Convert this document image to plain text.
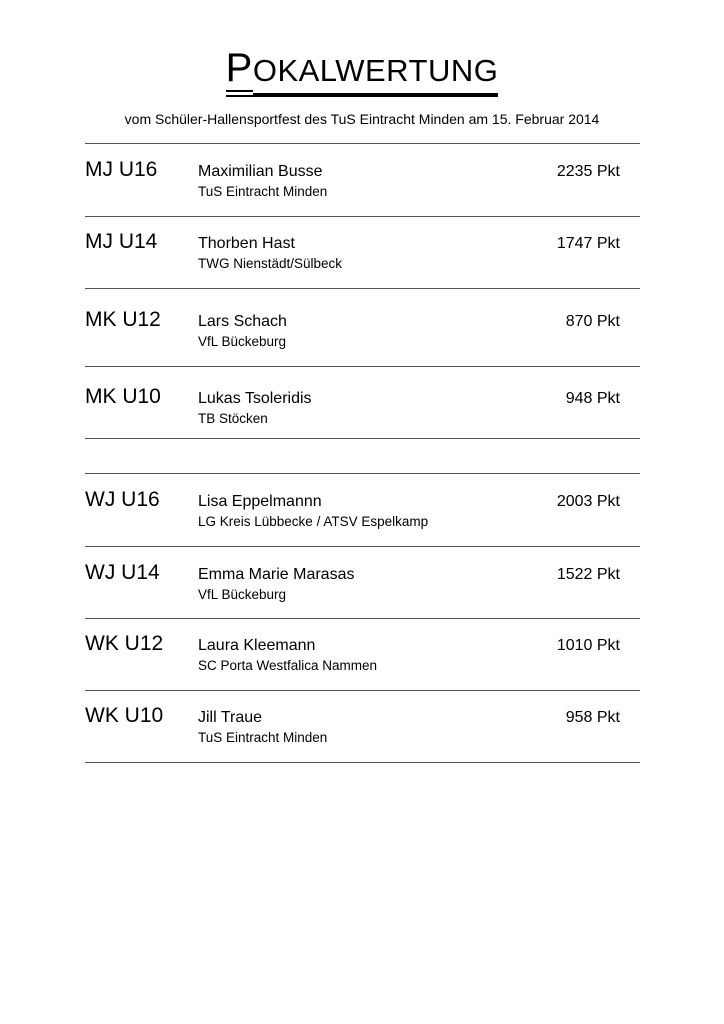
POKALWERTUNG
vom Schüler-Hallensportfest des TuS Eintracht Minden am 15. Februar 2014
MJ U16	Maximilian Busse
TuS Eintracht Minden
2235 Pkt
MJ U14	Thorben Hast
TWG Nienstädt/Sülbeck
1747 Pkt
MK U12 Lars Schach
VfL Bückeburg
870 Pkt
MK U10 Lukas Tsoleridis
TB Stöcken
948 Pkt
WJ U16 Lisa Eppelmannn
LG Kreis Lübbecke / ATSV Espelkamp
2003 Pkt
WJ U14 Emma Marie Marasas
VfL Bückeburg
1522 Pkt
WK U12 Laura Kleemann
SC Porta Westfalica Nammen
1010 Pkt
WK U10 Jill Traue
TuS Eintracht Minden
958 Pkt
